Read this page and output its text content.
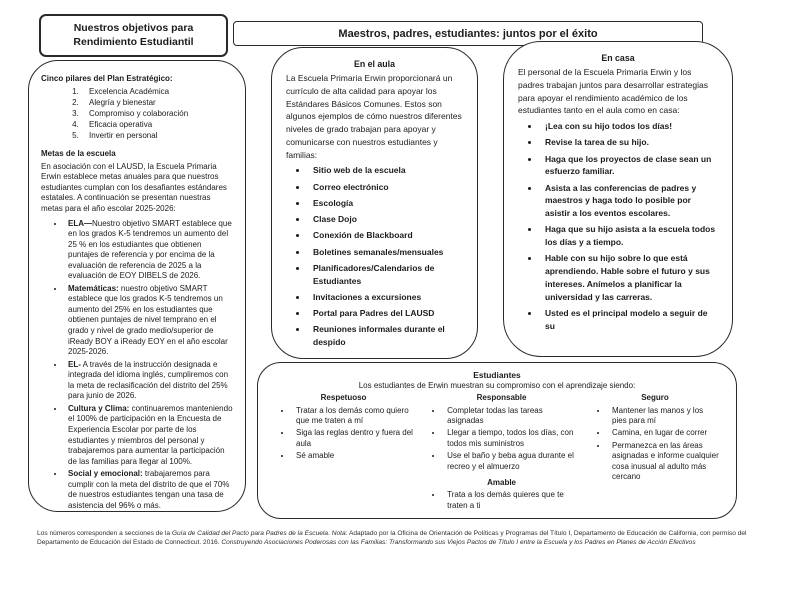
Nuestros objetivos para
Rendimiento Estudiantil
Maestros, padres, estudiantes: juntos por el éxito

Cinco pilares del Plan Estratégico:

1. Excelencia Académica
2. Alegría y bienestar
3. Compromiso y colaboración
4. Eficacia operativa
5. Invertir en personal

Metas de la escuela

En asociación con el LAUSD, la Escuela Primaria Erwin establece metas anuales para que nuestros estudiantes cumplan con los desafiantes estándares estatales. A continuación se presentan nuestras metas para el año escolar 2025-2026:

• ELA—Nuestro objetivo SMART establece que en los grados K-5 tendremos un aumento del 25 % en los estudiantes que obtienen puntajes de referencia y por encima de la evaluación de referencia de 2025 a la evaluación de EOY DIBELS de 2026.
• Matemáticas: nuestro objetivo SMART establece que los grados K-5 tendremos un aumento del 25% en los estudiantes que obtienen puntajes de nivel temprano en el grado y nivel de grado medio/superior de iReady BOY a iReady EOY en el año escolar 2025-2026.
• EL- A través de la instrucción designada e integrada del idioma inglés, cumpliremos con la meta de reclasificación del distrito del 25% para junio de 2026.
• Cultura y Clima: continuaremos manteniendo el 100% de participación en la Encuesta de Experiencia Escolar por parte de los estudiantes y miembros del personal y trabajaremos para aumentar la participación de las familias para llegar al 100%.
• Social y emocional: trabajaremos para cumplir con la meta del distrito de que el 70% de nuestros estudiantes tengan una tasa de asistencia del 96% o más.

En el aula

La Escuela Primaria Erwin proporcionará un currículo de alta calidad para apoyar los Estándares Básicos Comunes. Estos son algunos ejemplos de cómo nuestros diferentes niveles de grado trabajan para apoyar y comunicarse con nuestros estudiantes y familias:

• Sitio web de la escuela
• Correo electrónico
• Escología
• Clase Dojo
• Conexión de Blackboard
• Boletines semanales/mensuales
• Planificadores/Calendarios de Estudiantes
• Invitaciones a excursiones
• Portal para Padres del LAUSD
• Reuniones informales durante el despido

En casa

El personal de la Escuela Primaria Erwin y los padres trabajan juntos para desarrollar estrategias para apoyar el rendimiento académico de los estudiantes tanto en el aula como en casa:

• ¡Lea con su hijo todos los días!
• Revise la tarea de su hijo.
• Haga que los proyectos de clase sean un esfuerzo familiar.
• Asista a las conferencias de padres y maestros y haga todo lo posible por asistir a los eventos escolares.
• Haga que su hijo asista a la escuela todos los días y a tiempo.
• Hable con su hijo sobre lo que está aprendiendo. Hable sobre el futuro y sus intereses. Anímelos a planificar la universidad y las carreras.
• Usted es el principal modelo a seguir de su

Estudiantes

Los estudiantes de Erwin muestran su compromiso con el aprendizaje siendo:

Respetuoso

• Tratar a los demás como quiero que me traten a mí
• Siga las reglas dentro y fuera del aula
• Sé amable

Responsable

• Completar todas las tareas asignadas
• Llegar a tiempo, todos los días, con todos mis suministros
• Use el baño y beba agua durante el recreo y el almuerzo

Amable

• Trata a los demás quieres que te traten a ti

Seguro

• Mantener las manos y los pies para mí
• Camina, en lugar de correr
• Permanezca en las áreas asignadas e informe cualquier cosa inusual al adulto más cercano
Los números corresponden a secciones de la Guía de Calidad del Pacto para Padres de la Escuela. Nota: Adaptado por la Oficina de Orientación de Políticas y Programas del Título I, Departamento de Educación de California, con permiso del Departamento de Educación del Estado de Connecticut. 2016. Construyendo Asociaciones Poderosas con las Familias: Transformando sus Viejos Pactos de Título I entre la Escuela y los Padres en Planes de Acción Efectivos
